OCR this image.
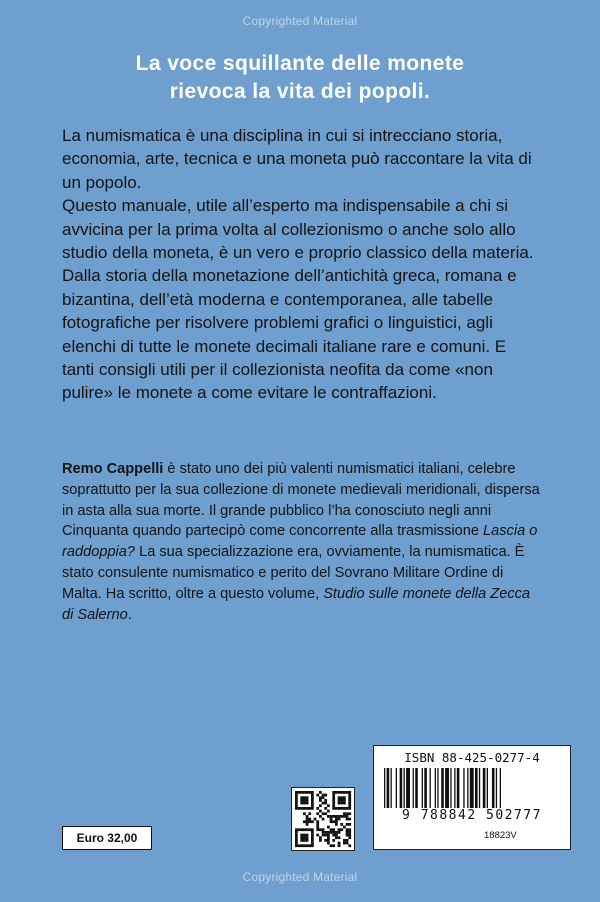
Copyrighted Material
La voce squillante delle monete
rievoca la vita dei popoli.

La numismatica è una disciplina in cui si intrecciano storia, economia, arte, tecnica e una moneta può raccontare la vita di un popolo.

Questo manuale, utile all’esperto ma indispensabile a chi si avvicina per la prima volta al collezionismo o anche solo allo studio della moneta, è un vero e proprio classico della materia. Dalla storia della monetazione dell’antichità greca, romana e bizantina, dell’età moderna e contemporanea, alle tabelle fotografiche per risolvere problemi grafici o linguistici, agli elenchi di tutte le monete decimali italiane rare e comuni. E tanti consigli utili per il collezionista neofita da come «non pulire» le monete a come evitare le contraffazioni.

Remo Cappelli è stato uno dei più valenti numismatici italiani, celebre soprattutto per la sua collezione di monete medievali meridionali, dispersa in asta alla sua morte. Il grande pubblico l’ha conosciuto negli anni Cinquanta quando partecipò come concorrente alla trasmissione Lascia o raddoppia? La sua specializzazione era, ovviamente, la numismatica. È stato consulente numismatico e perito del Sovrano Militare Ordine di Malta. Ha scritto, oltre a questo volume, Studio sulle monete della Zecca di Salerno.
ISBN 88-425-0277-4
9 788842 502777
18823V
Euro 32,00
Copyrighted Material
